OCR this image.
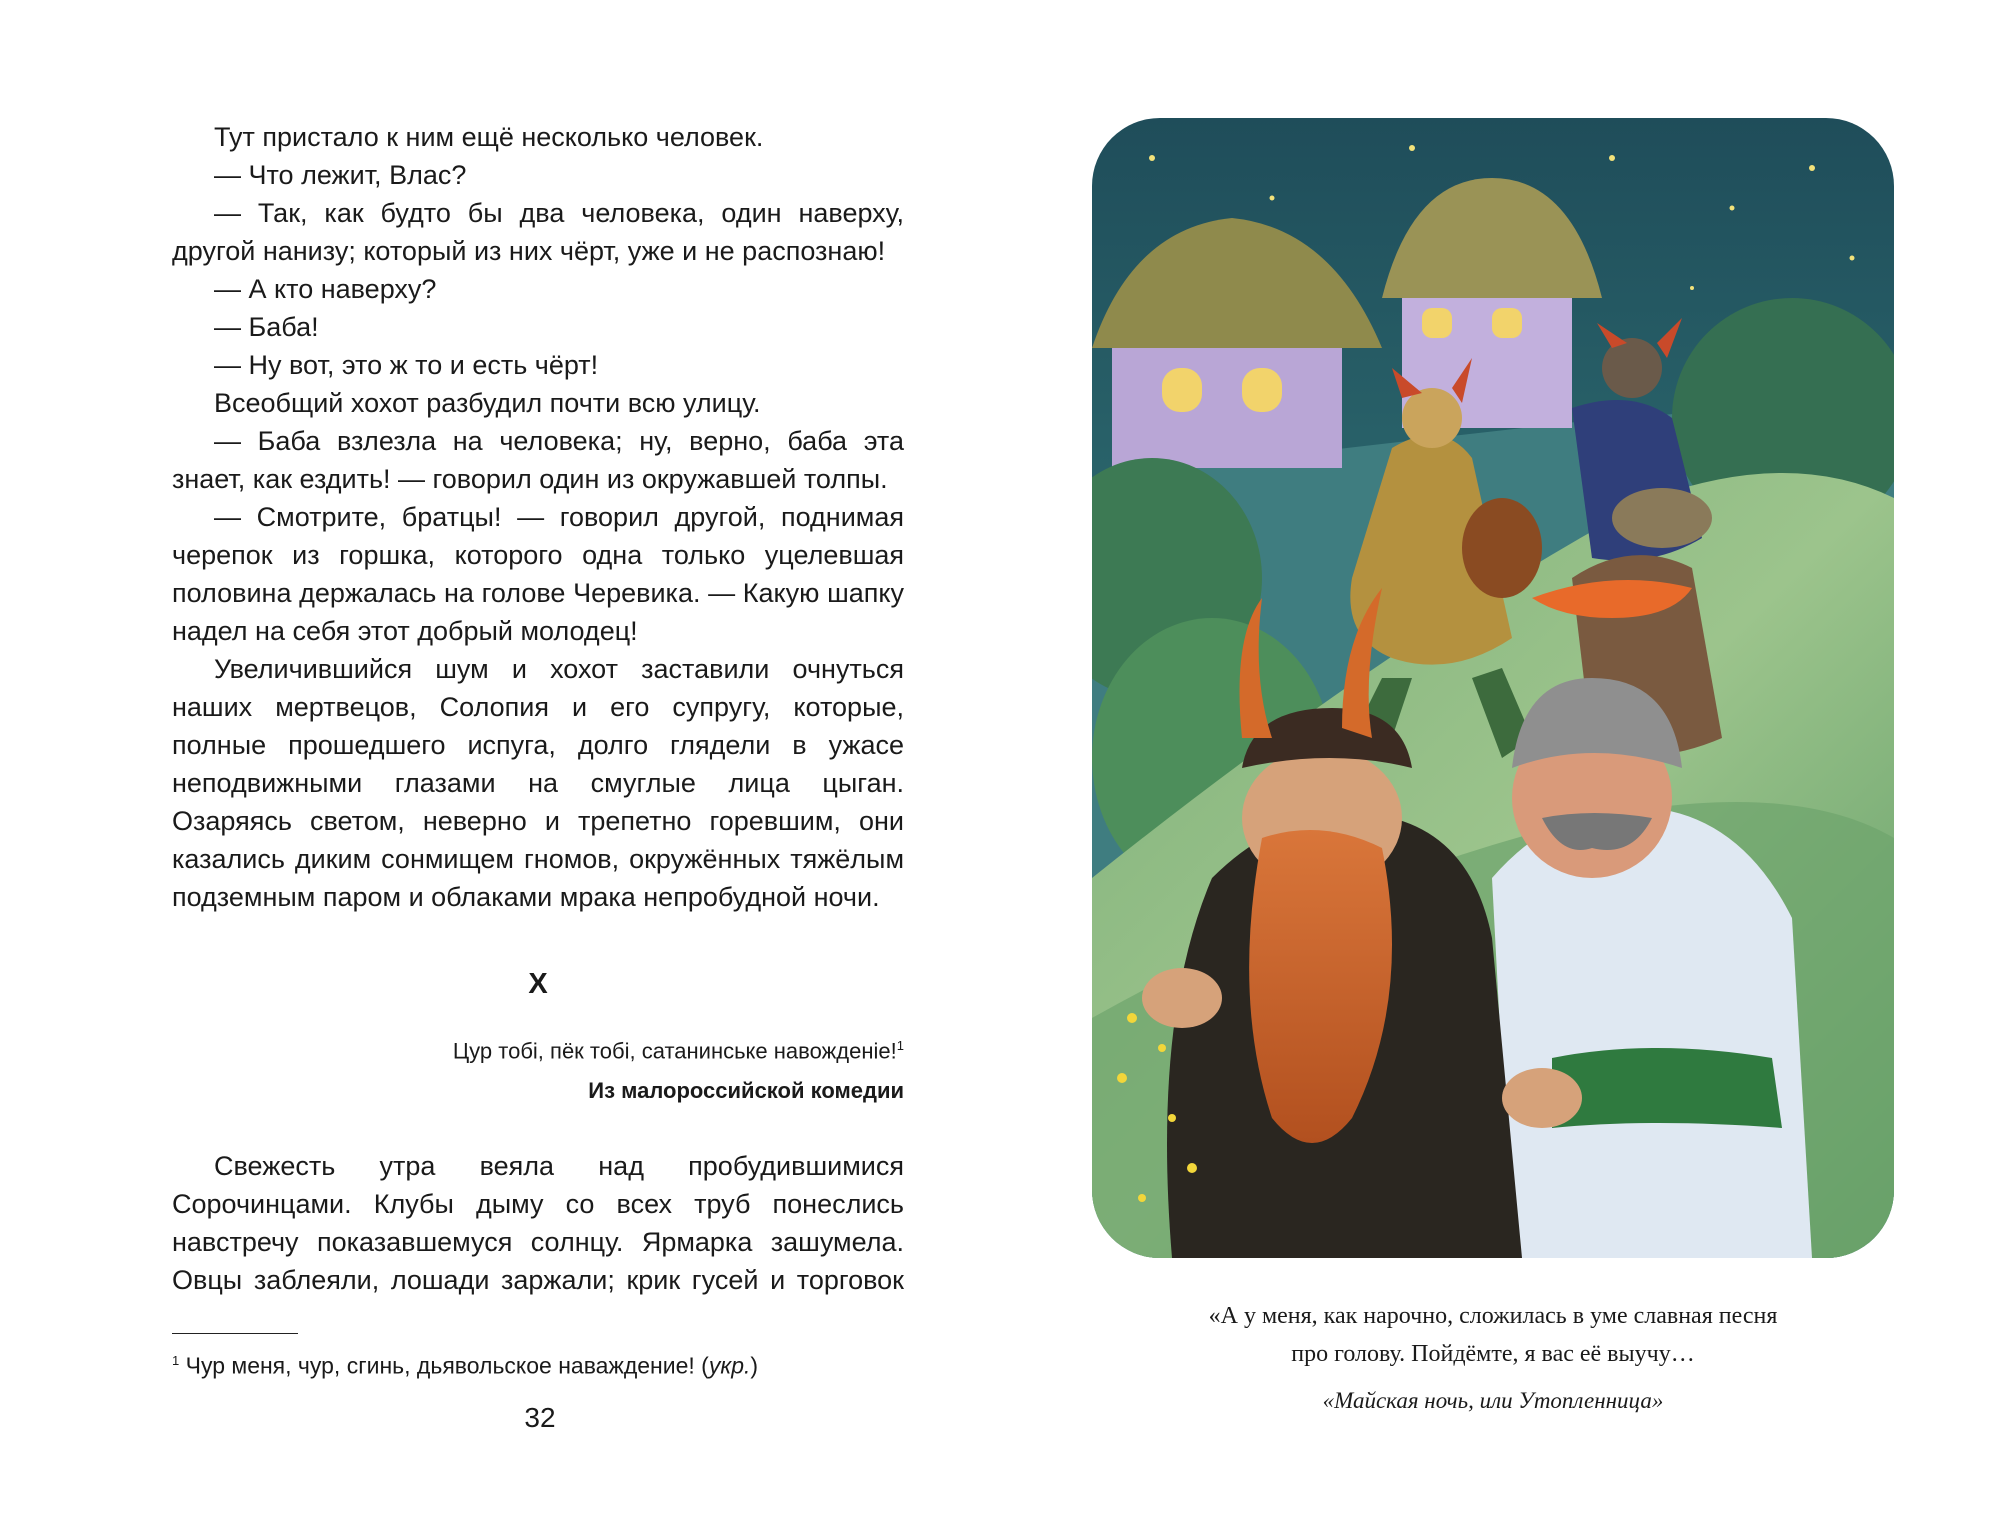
Тут пристало к ним ещё несколько человек.

— Что лежит, Влас?

— Так, как будто бы два человека, один наверху, другой нанизу; который из них чёрт, уже и не распознаю!

— А кто наверху?

— Баба!

— Ну вот, это ж то и есть чёрт!

Всеобщий хохот разбудил почти всю улицу.

— Баба взлезла на человека; ну, верно, баба эта знает, как ездить! — говорил один из окружавшей толпы.

— Смотрите, братцы! — говорил другой, поднимая черепок из горшка, которого одна только уцелевшая половина держалась на голове Черевика. — Какую шапку надел на себя этот добрый молодец!

Увеличившийся шум и хохот заставили очнуться наших мертвецов, Солопия и его супругу, которые, полные прошедшего испуга, долго глядели в ужасе неподвижными глазами на смуглые лица цыган. Озаряясь светом, неверно и трепетно горевшим, они казались диким сонмищем гномов, окружённых тяжёлым подземным паром и облаками мрака непробудной ночи.

X
Цур тобі, пёк тобі, сатанинське навожденіе!$^1$
Из малороссийской комедии

Свежесть утра веяла над пробудившимися Сорочинцами. Клубы дыму со всех труб понеслись навстречу показавшемуся солнцу. Ярмарка зашумела. Овцы заблеяли, лошади заржали; крик гусей и торговок

$^1$ Чур меня, чур, сгинь, дьявольское наваждение! (укр.)
32
«А у меня, как нарочно, сложилась в уме славная песня
про голову. Пойдёмте, я вас её выучу…
«Майская ночь, или Утопленница»
